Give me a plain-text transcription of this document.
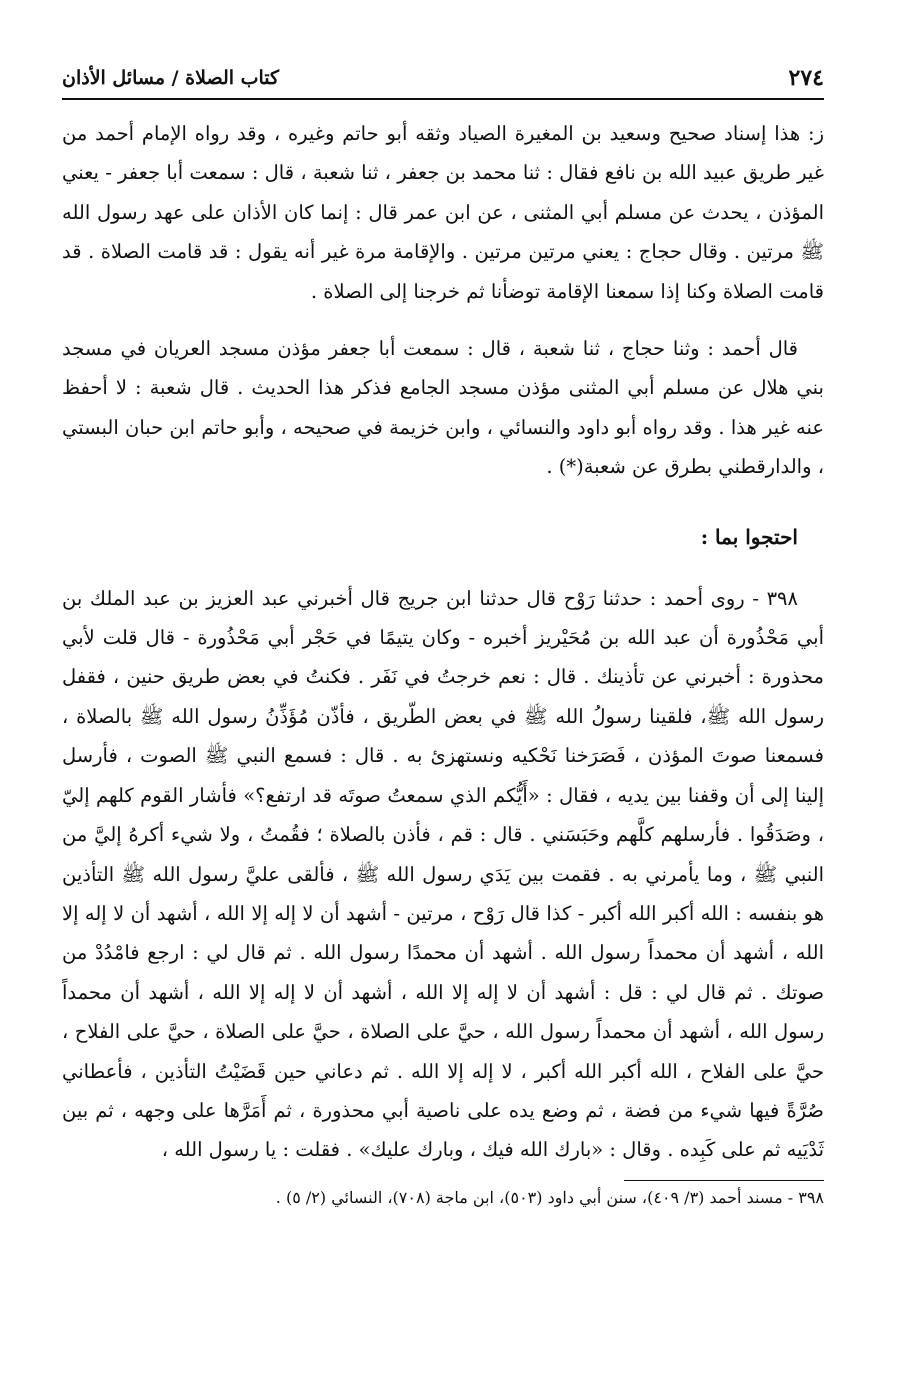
٢٧٤
كتاب الصلاة / مسائل الأذان
ز: هذا إسناد صحيح وسعيد بن المغيرة الصياد وثقه أبو حاتم وغيره ، وقد رواه الإمام أحمد من غير طريق عبيد الله بن نافع فقال : ثنا محمد بن جعفر ، ثنا شعبة ، قال : سمعت أبا جعفر - يعني المؤذن ، يحدث عن مسلم أبي المثنى ، عن ابن عمر قال : إنما كان الأذان على عهد رسول الله ﷺ مرتين . وقال حجاج : يعني مرتين مرتين . والإقامة مرة غير أنه يقول : قد قامت الصلاة . قد قامت الصلاة وكنا إذا سمعنا الإقامة توضأنا ثم خرجنا إلى الصلاة .
قال أحمد : وثنا حجاج ، ثنا شعبة ، قال : سمعت أبا جعفر مؤذن مسجد العريان في مسجد بني هلال عن مسلم أبي المثنى مؤذن مسجد الجامع فذكر هذا الحديث . قال شعبة : لا أحفظ عنه غير هذا . وقد رواه أبو داود والنسائي ، وابن خزيمة في صحيحه ، وأبو حاتم ابن حبان البستي ، والدارقطني بطرق عن شعبة(*) .
احتجوا بما :
٣٩٨ - روى أحمد : حدثنا رَوْح قال حدثنا ابن جريج قال أخبرني عبد العزيز بن عبد الملك بن أبي مَحْذُورة أن عبد الله بن مُحَيْريز أخبره - وكان يتيمًا في حَجْر أبي مَحْذُورة - قال قلت لأبي محذورة : أخبرني عن تأذينك . قال : نعم خرجتُ في نَفَر . فكنتُ في بعض طريق حنين ، فقفل رسول الله ﷺ، فلقينا رسولُ الله ﷺ في بعض الطّريق ، فأذّن مُؤَذِّنُ رسول الله ﷺ بالصلاة ، فسمعنا صوتَ المؤذن ، فَصَرَخنا نَحْكيه ونستهزئ به . قال : فسمع النبي ﷺ الصوت ، فأرسل إلينا إلى أن وقفنا بين يديه ، فقال : «أَيُّكم الذي سمعتُ صوتَه قد ارتفع؟» فأشار القوم كلهم إليّ ، وصَدَقُوا . فأرسلهم كلَّهم وحَبَسَني . قال : قم ، فأذن بالصلاة ؛ فقُمتُ ، ولا شيء أكرهُ إليَّ من النبي ﷺ ، وما يأمرني به . فقمت بين يَدَي رسول الله ﷺ ، فألقى عليَّ رسول الله ﷺ التأذين هو بنفسه : الله أكبر الله أكبر - كذا قال رَوْح ، مرتين - أشهد أن لا إله إلا الله ، أشهد أن لا إله إلا الله ، أشهد أن محمداً رسول الله . أشهد أن محمدًا رسول الله . ثم قال لي : ارجع فامْدُدْ من صوتك . ثم قال لي : قل : أشهد أن لا إله إلا الله ، أشهد أن لا إله إلا الله ، أشهد أن محمداً رسول الله ، أشهد أن محمداً رسول الله ، حيَّ على الصلاة ، حيَّ على الصلاة ، حيَّ على الفلاح ، حيَّ على الفلاح ، الله أكبر الله أكبر ، لا إله إلا الله . ثم دعاني حين قَضَيْتُ التأذين ، فأعطاني صُرَّةً فيها شيء من فضة ، ثم وضع يده على ناصية أبي محذورة ، ثم أَمَرَّها على وجهه ، ثم بين ثَدْيَيه ثم على كَبِده . وقال : «بارك الله فيك ، وبارك عليك» . فقلت : يا رسول الله ،
٣٩٨ - مسند أحمد (٣/ ٤٠٩)، سنن أبي داود (٥٠٣)، ابن ماجة (٧٠٨)، النسائي (٢/ ٥) .
